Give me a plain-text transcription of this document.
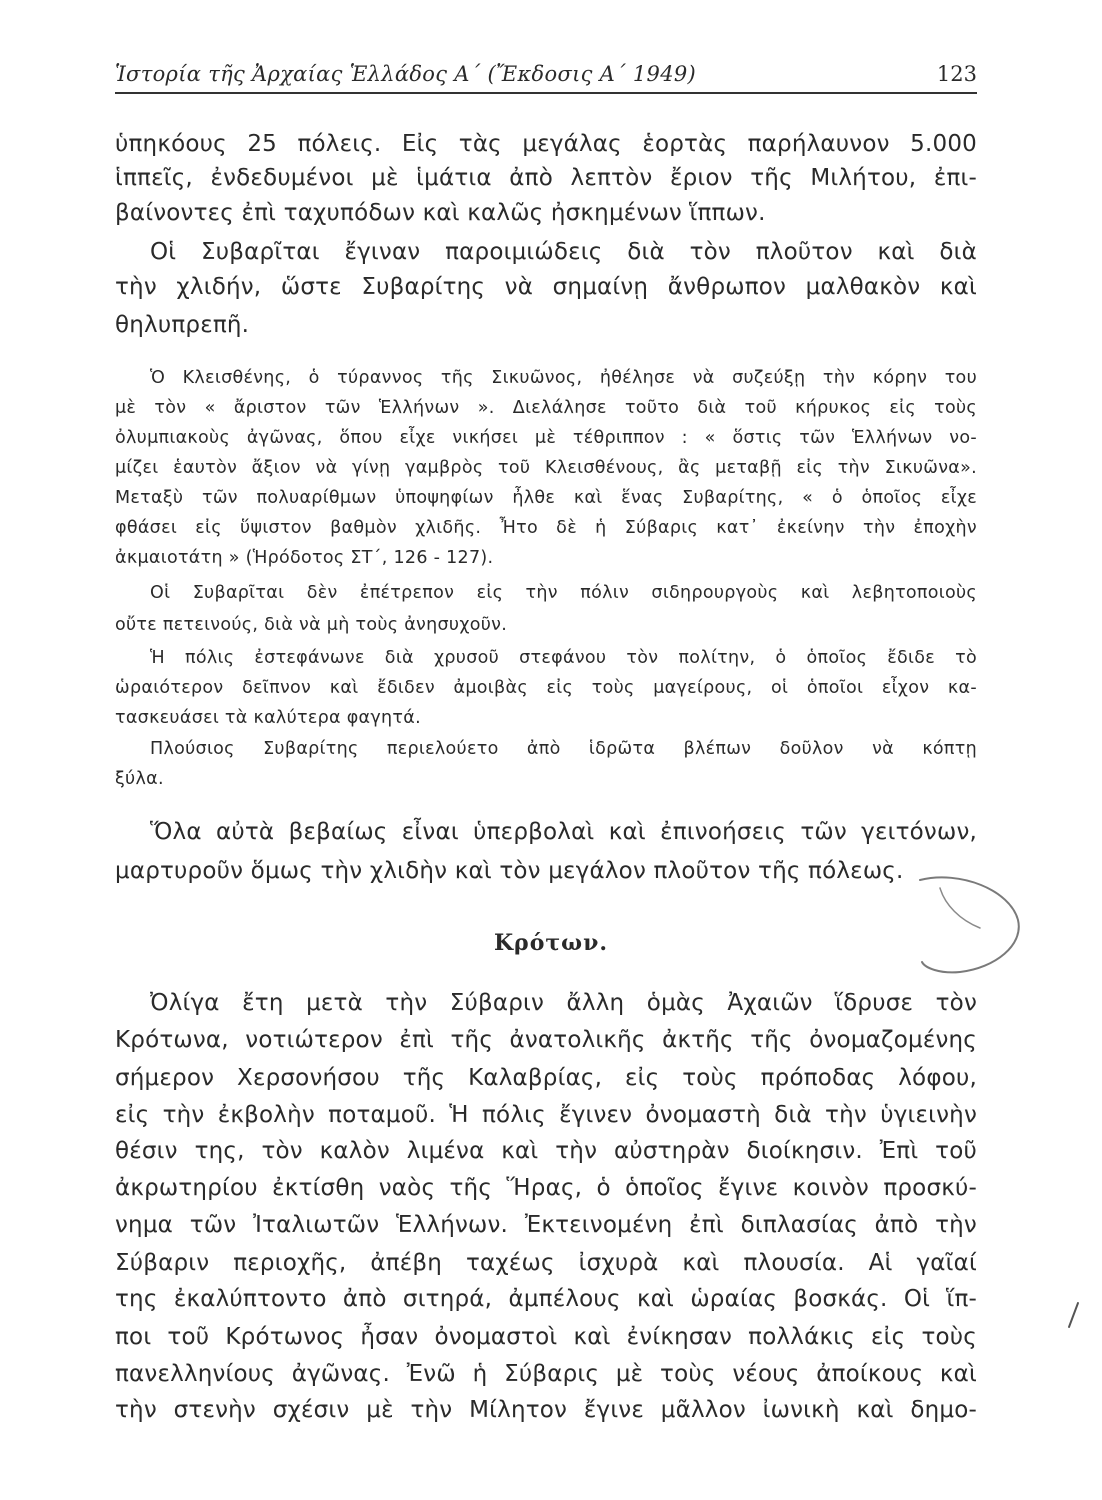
Ἱστορία τῆς Ἀρχαίας Ἑλλάδος Α΄ (Ἔκδοσις Α΄ 1949)	123
ὑπηκόους 25 πόλεις. Εἰς τὰς μεγάλας ἑορτὰς παρήλαυνον 5.000
ἱππεῖς, ἐνδεδυμένοι μὲ ἱμάτια ἀπὸ λεπτὸν ἔριον τῆς Μιλήτου, ἐπι-
βαίνοντες ἐπὶ ταχυπόδων καὶ καλῶς ἠσκημένων ἵππων.
Οἱ Συβαρῖται ἔγιναν παροιμιώδεις διὰ τὸν πλοῦτον καὶ διὰ
τὴν χλιδήν, ὥστε Συβαρίτης νὰ σημαίνῃ ἄνθρωπον μαλθακὸν καὶ
θηλυπρεπῆ.
Ὁ Κλεισθένης, ὁ τύραννος τῆς Σικυῶνος, ἠθέλησε νὰ συζεύξῃ τὴν κόρην του
μὲ τὸν « ἄριστον τῶν Ἑλλήνων ». Διελάλησε τοῦτο διὰ τοῦ κήρυκος εἰς τοὺς
ὀλυμπιακοὺς ἀγῶνας, ὅπου εἶχε νικήσει μὲ τέθριππον : « ὅστις τῶν Ἑλλήνων νο-
μίζει ἑαυτὸν ἄξιον νὰ γίνῃ γαμβρὸς τοῦ Κλεισθένους, ἂς μεταβῇ εἰς τὴν Σικυῶνα».
Μεταξὺ τῶν πολυαρίθμων ὑποψηφίων ἦλθε καὶ ἕνας Συβαρίτης, « ὁ ὁποῖος εἶχε
φθάσει εἰς ὕψιστον βαθμὸν χλιδῆς. Ἦτο δὲ ἡ Σύβαρις κατ᾿ ἐκείνην τὴν ἐποχὴν
ἀκμαιοτάτη » (Ἡρόδοτος ΣΤ΄, 126 - 127).
Οἱ Συβαρῖται δὲν ἐπέτρεπον εἰς τὴν πόλιν σιδηρουργοὺς καὶ λεβητοποιοὺς
οὔτε πετεινούς, διὰ νὰ μὴ τοὺς ἀνησυχοῦν.
Ἡ πόλις ἐστεφάνωνε διὰ χρυσοῦ στεφάνου τὸν πολίτην, ὁ ὁποῖος ἔδιδε τὸ
ὡραιότερον δεῖπνον καὶ ἔδιδεν ἀμοιβὰς εἰς τοὺς μαγείρους, οἱ ὁποῖοι εἶχον κα-
τασκευάσει τὰ καλύτερα φαγητά.
Πλούσιος Συβαρίτης περιελούετο ἀπὸ ἱδρῶτα βλέπων δοῦλον νὰ κόπτῃ
ξύλα.
Ὅλα αὐτὰ βεβαίως εἶναι ὑπερβολαὶ καὶ ἐπινοήσεις τῶν γειτόνων,
μαρτυροῦν ὅμως τὴν χλιδὴν καὶ τὸν μεγάλον πλοῦτον τῆς πόλεως.
Κρότων.
Ὀλίγα ἔτη μετὰ τὴν Σύβαριν ἄλλη ὁμὰς Ἀχαιῶν ἵδρυσε τὸν
Κρότωνα, νοτιώτερον ἐπὶ τῆς ἀνατολικῆς ἀκτῆς τῆς ὀνομαζομένης
σήμερον Χερσονήσου τῆς Καλαβρίας, εἰς τοὺς πρόποδας λόφου,
εἰς τὴν ἐκβολὴν ποταμοῦ. Ἡ πόλις ἔγινεν ὀνομαστὴ διὰ τὴν ὑγιεινὴν
θέσιν της, τὸν καλὸν λιμένα καὶ τὴν αὐστηρὰν διοίκησιν. Ἐπὶ τοῦ
ἀκρωτηρίου ἐκτίσθη ναὸς τῆς Ἥρας, ὁ ὁποῖος ἔγινε κοινὸν προσκύ-
νημα τῶν Ἰταλιωτῶν Ἑλλήνων. Ἐκτεινομένη ἐπὶ διπλασίας ἀπὸ τὴν
Σύβαριν περιοχῆς, ἀπέβη ταχέως ἰσχυρὰ καὶ πλουσία. Αἱ γαῖαί
της ἐκαλύπτοντο ἀπὸ σιτηρά, ἀμπέλους καὶ ὡραίας βοσκάς. Οἱ ἵπ-
ποι τοῦ Κρότωνος ἦσαν ὀνομαστοὶ καὶ ἐνίκησαν πολλάκις εἰς τοὺς
πανελληνίους ἀγῶνας. Ἐνῶ ἡ Σύβαρις μὲ τοὺς νέους ἀποίκους καὶ
τὴν στενὴν σχέσιν μὲ τὴν Μίλητον ἔγινε μᾶλλον ἰωνικὴ καὶ δημο-
